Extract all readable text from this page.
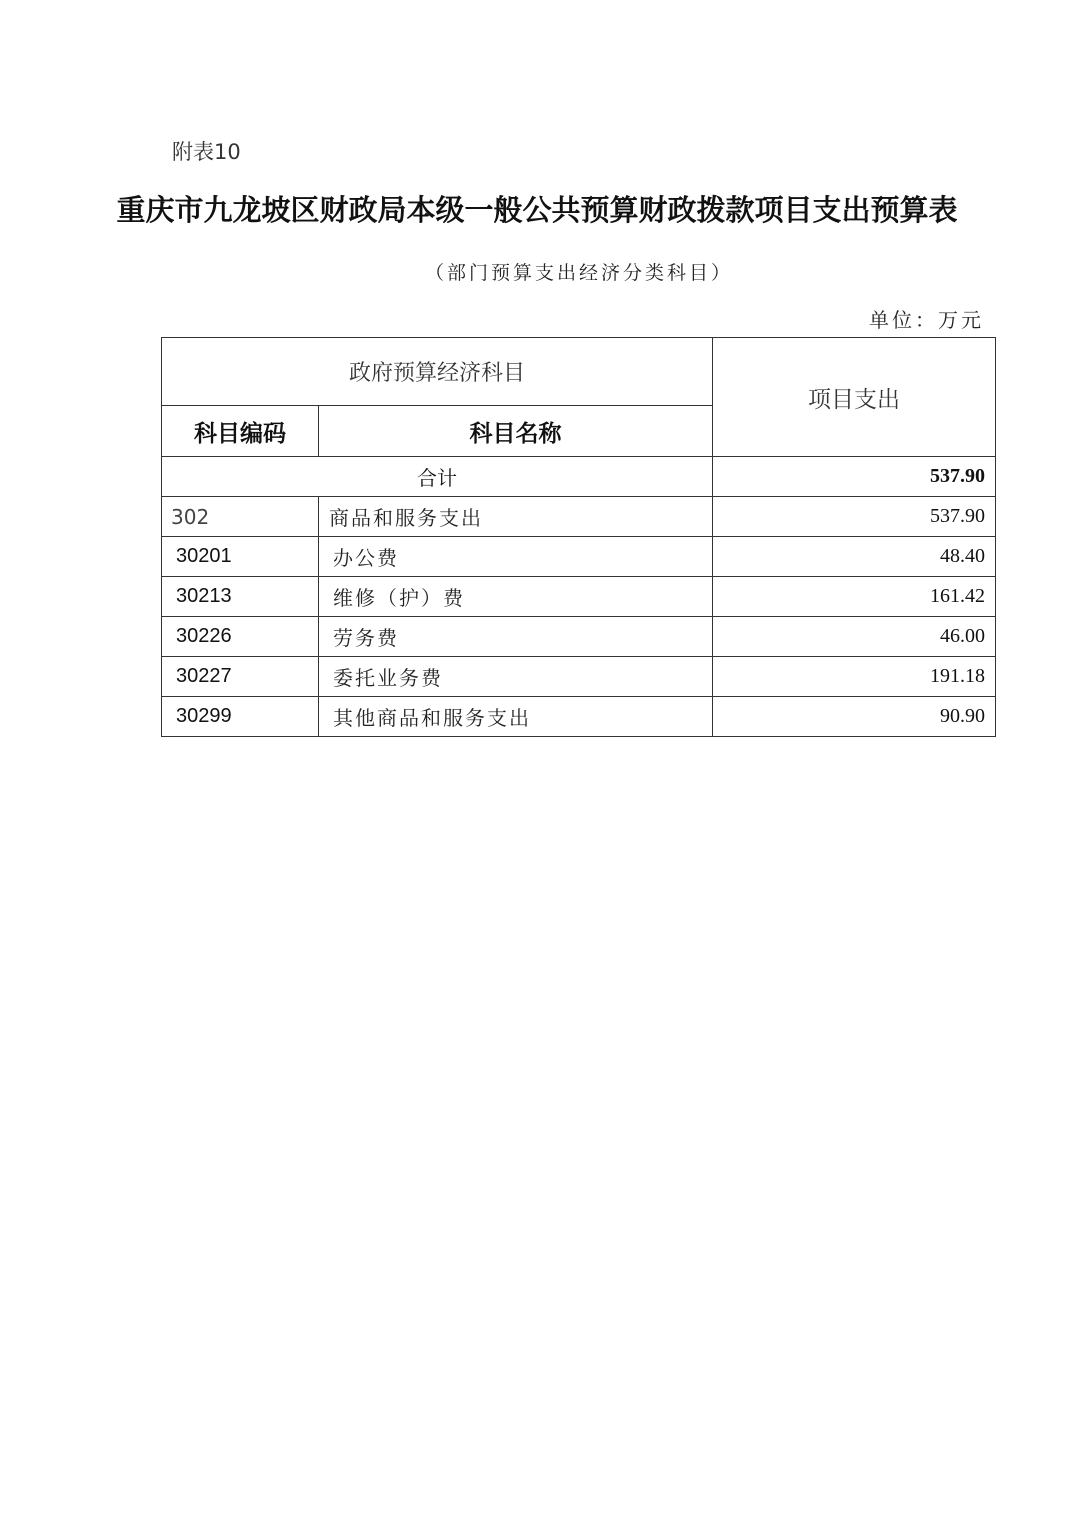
附表10
重庆市九龙坡区财政局本级一般公共预算财政拨款项目支出预算表
（部门预算支出经济分类科目）
单位：万元
政府预算经济科目		项目支出
科目编码	科目名称	
合计		537.90
302	商品和服务支出	537.90
30201	办公费	48.40
30213	维修（护）费	161.42
30226	劳务费	46.00
30227	委托业务费	191.18
30299	其他商品和服务支出	90.90
